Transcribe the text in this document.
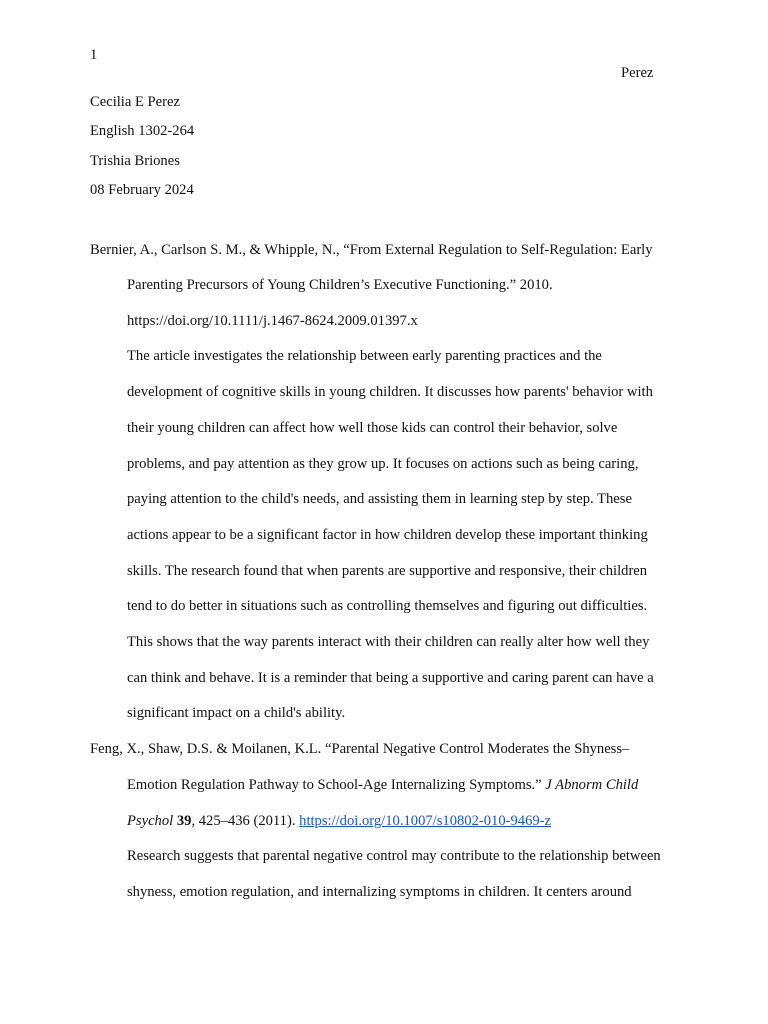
1

Perez

Cecilia E Perez

English 1302-264

Trishia Briones

08 February 2024

Bernier, A., Carlson S. M., & Whipple, N., “From External Regulation to Self-Regulation: Early

Parenting Precursors of Young Children’s Executive Functioning.” 2010.

https://doi.org/10.1111/j.1467-8624.2009.01397.x

The article investigates the relationship between early parenting practices and the

development of cognitive skills in young children. It discusses how parents' behavior with

their young children can affect how well those kids can control their behavior, solve

problems, and pay attention as they grow up. It focuses on actions such as being caring,

paying attention to the child's needs, and assisting them in learning step by step. These

actions appear to be a significant factor in how children develop these important thinking

skills. The research found that when parents are supportive and responsive, their children

tend to do better in situations such as controlling themselves and figuring out difficulties.

This shows that the way parents interact with their children can really alter how well they

can think and behave. It is a reminder that being a supportive and caring parent can have a

significant impact on a child's ability.

Feng, X., Shaw, D.S. & Moilanen, K.L. “Parental Negative Control Moderates the Shyness–

Emotion Regulation Pathway to School-Age Internalizing Symptoms.” J Abnorm Child

Psychol 39, 425–436 (2011). https://doi.org/10.1007/s10802-010-9469-z

Research suggests that parental negative control may contribute to the relationship between

shyness, emotion regulation, and internalizing symptoms in children. It centers around
